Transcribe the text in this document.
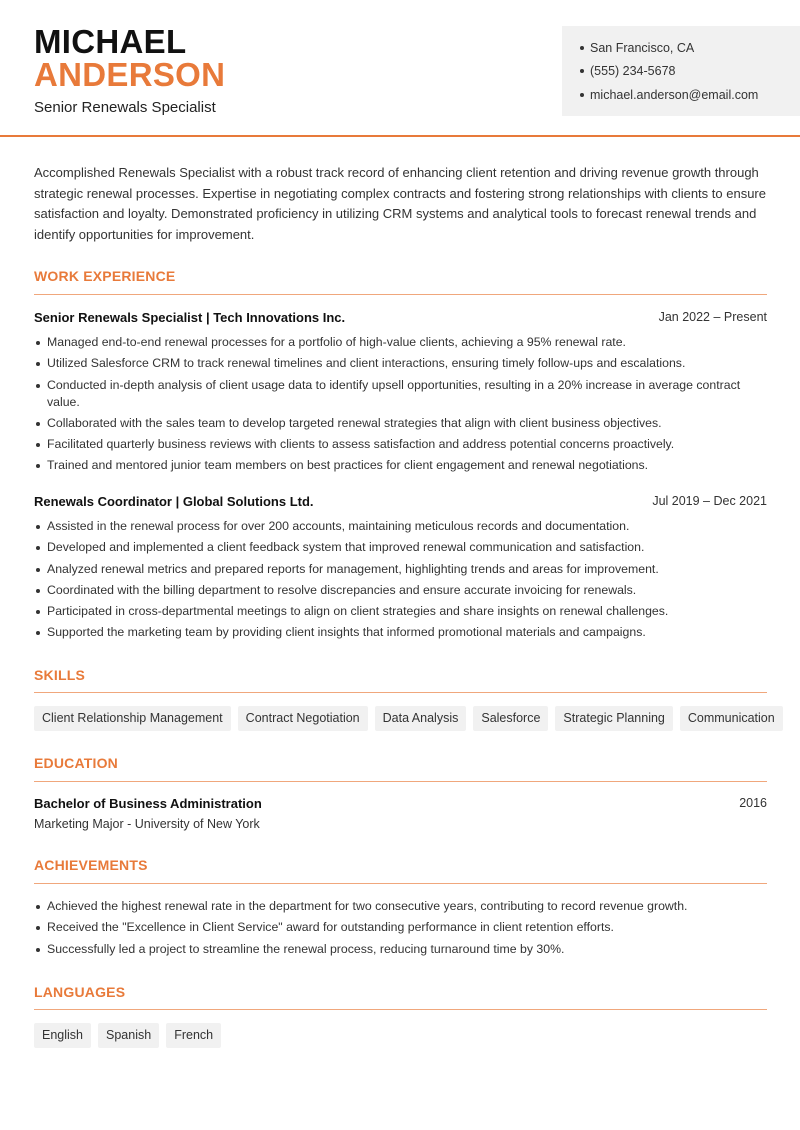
MICHAEL
ANDERSON
Senior Renewals Specialist
San Francisco, CA
(555) 234-5678
michael.anderson@email.com

Accomplished Renewals Specialist with a robust track record of enhancing client retention and driving revenue growth through strategic renewal processes. Expertise in negotiating complex contracts and fostering strong relationships with clients to ensure satisfaction and loyalty. Demonstrated proficiency in utilizing CRM systems and analytical tools to forecast renewal trends and identify opportunities for improvement.

WORK EXPERIENCE
Senior Renewals Specialist | Tech Innovations Inc.	Jan 2022 – Present
Managed end-to-end renewal processes for a portfolio of high-value clients, achieving a 95% renewal rate.
Utilized Salesforce CRM to track renewal timelines and client interactions, ensuring timely follow-ups and escalations.
Conducted in-depth analysis of client usage data to identify upsell opportunities, resulting in a 20% increase in average contract value.
Collaborated with the sales team to develop targeted renewal strategies that align with client business objectives.
Facilitated quarterly business reviews with clients to assess satisfaction and address potential concerns proactively.
Trained and mentored junior team members on best practices for client engagement and renewal negotiations.
Renewals Coordinator | Global Solutions Ltd.	Jul 2019 – Dec 2021
Assisted in the renewal process for over 200 accounts, maintaining meticulous records and documentation.
Developed and implemented a client feedback system that improved renewal communication and satisfaction.
Analyzed renewal metrics and prepared reports for management, highlighting trends and areas for improvement.
Coordinated with the billing department to resolve discrepancies and ensure accurate invoicing for renewals.
Participated in cross-departmental meetings to align on client strategies and share insights on renewal challenges.
Supported the marketing team by providing client insights that informed promotional materials and campaigns.
SKILLS
Client Relationship Management	Contract Negotiation	Data Analysis	Salesforce	Strategic Planning	Communication
EDUCATION
Bachelor of Business Administration	2016
Marketing Major - University of New York
ACHIEVEMENTS
Achieved the highest renewal rate in the department for two consecutive years, contributing to record revenue growth.
Received the "Excellence in Client Service" award for outstanding performance in client retention efforts.
Successfully led a project to streamline the renewal process, reducing turnaround time by 30%.
LANGUAGES
English	Spanish	French
